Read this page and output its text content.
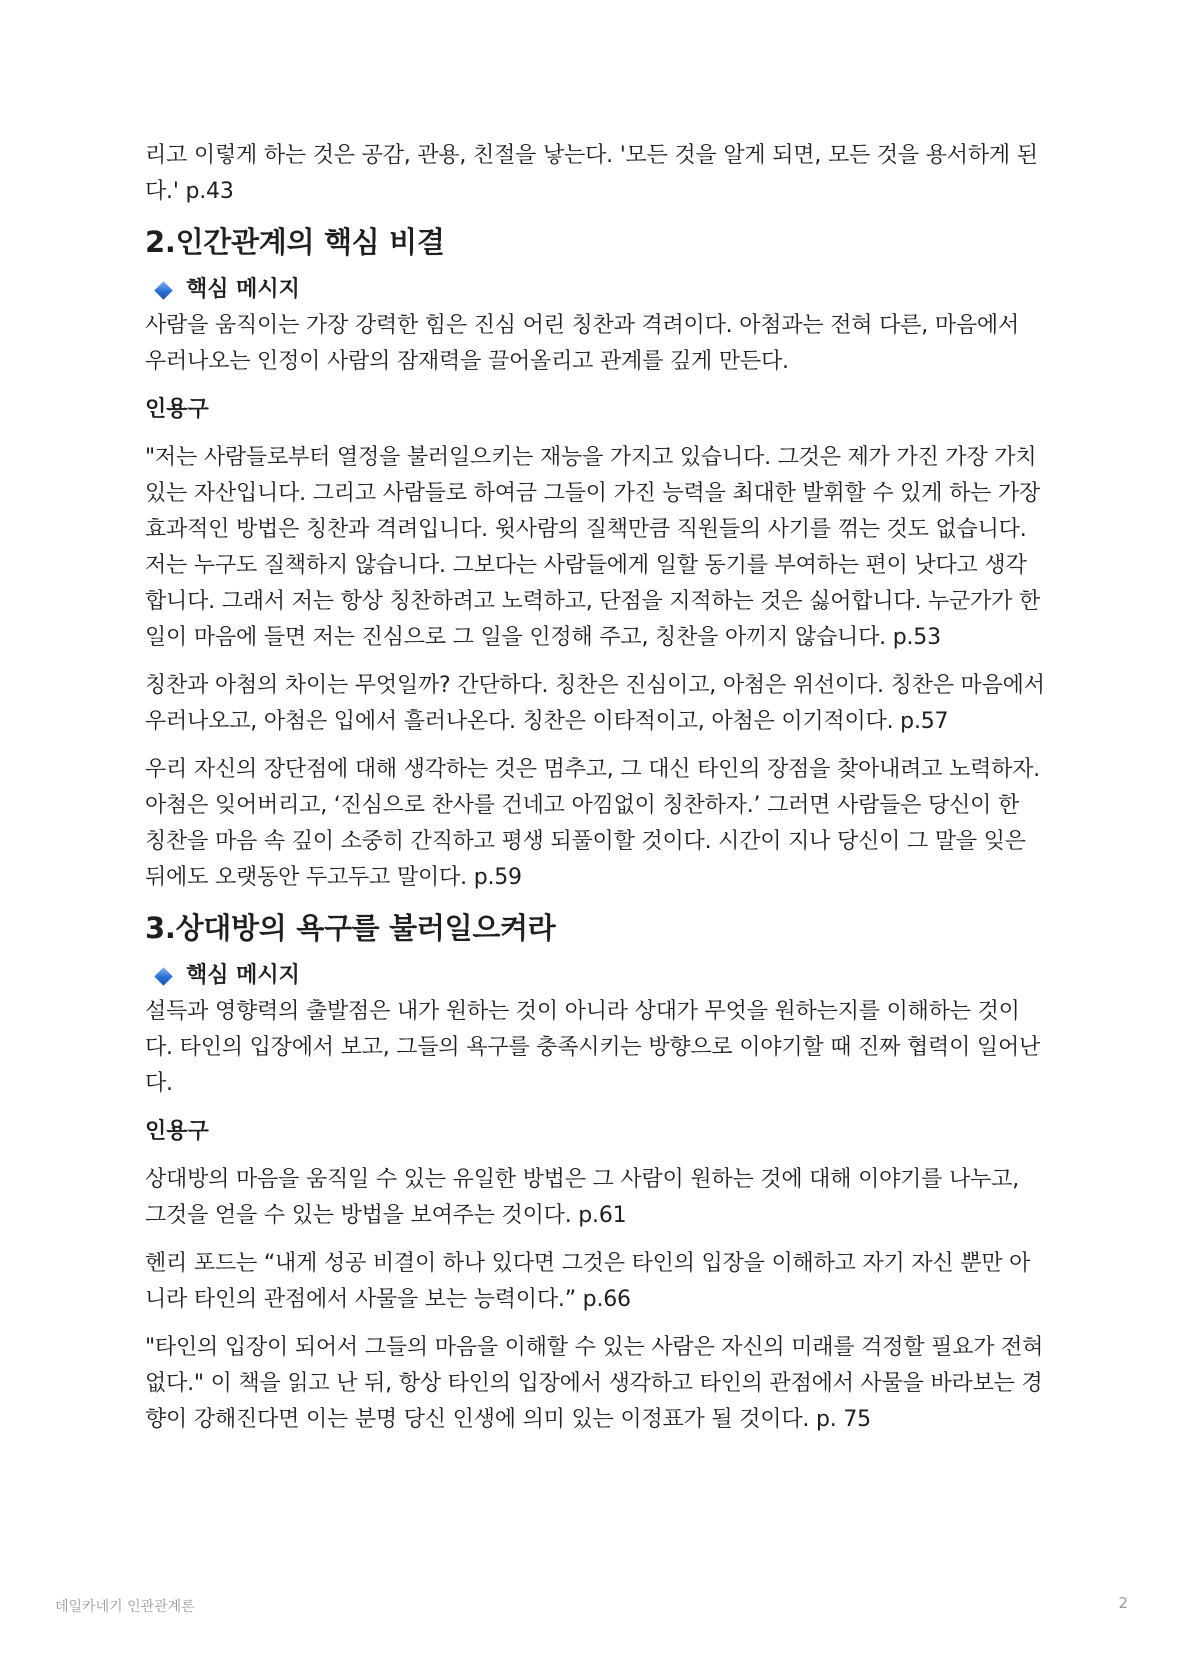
리고 이렇게 하는 것은 공감, 관용, 친절을 낳는다. '모든 것을 알게 되면, 모든 것을 용서하게 된다.' p.43

2.인간관계의 핵심 비결
핵심 메시지

사람을 움직이는 가장 강력한 힘은 진심 어린 칭찬과 격려이다. 아첨과는 전혀 다른, 마음에서 우러나오는 인정이 사람의 잠재력을 끌어올리고 관계를 깊게 만든다.

인용구

"저는 사람들로부터 열정을 불러일으키는 재능을 가지고 있습니다. 그것은 제가 가진 가장 가치 있는 자산입니다. 그리고 사람들로 하여금 그들이 가진 능력을 최대한 발휘할 수 있게 하는 가장 효과적인 방법은 칭찬과 격려입니다. 윗사람의 질책만큼 직원들의 사기를 꺾는 것도 없습니다. 저는 누구도 질책하지 않습니다. 그보다는 사람들에게 일할 동기를 부여하는 편이 낫다고 생각합니다. 그래서 저는 항상 칭찬하려고 노력하고, 단점을 지적하는 것은 싫어합니다. 누군가가 한 일이 마음에 들면 저는 진심으로 그 일을 인정해 주고, 칭찬을 아끼지 않습니다. p.53

칭찬과 아첨의 차이는 무엇일까? 간단하다. 칭찬은 진심이고, 아첨은 위선이다. 칭찬은 마음에서 우러나오고, 아첨은 입에서 흘러나온다. 칭찬은 이타적이고, 아첨은 이기적이다. p.57

우리 자신의 장단점에 대해 생각하는 것은 멈추고, 그 대신 타인의 장점을 찾아내려고 노력하자. 아첨은 잊어버리고, ‘진심으로 찬사를 건네고 아낌없이 칭찬하자.’ 그러면 사람들은 당신이 한 칭찬을 마음 속 깊이 소중히 간직하고 평생 되풀이할 것이다. 시간이 지나 당신이 그 말을 잊은 뒤에도 오랫동안 두고두고 말이다. p.59

3.상대방의 욕구를 불러일으켜라
핵심 메시지

설득과 영향력의 출발점은 내가 원하는 것이 아니라 상대가 무엇을 원하는지를 이해하는 것이다. 타인의 입장에서 보고, 그들의 욕구를 충족시키는 방향으로 이야기할 때 진짜 협력이 일어난다.

인용구

상대방의 마음을 움직일 수 있는 유일한 방법은 그 사람이 원하는 것에 대해 이야기를 나누고, 그것을 얻을 수 있는 방법을 보여주는 것이다. p.61

헨리 포드는 “내게 성공 비결이 하나 있다면 그것은 타인의 입장을 이해하고 자기 자신 뿐만 아니라 타인의 관점에서 사물을 보는 능력이다.” p.66

"타인의 입장이 되어서 그들의 마음을 이해할 수 있는 사람은 자신의 미래를 걱정할 필요가 전혀 없다." 이 책을 읽고 난 뒤, 항상 타인의 입장에서 생각하고 타인의 관점에서 사물을 바라보는 경향이 강해진다면 이는 분명 당신 인생에 의미 있는 이정표가 될 것이다. p. 75

데일카네기 인관관계론	2
